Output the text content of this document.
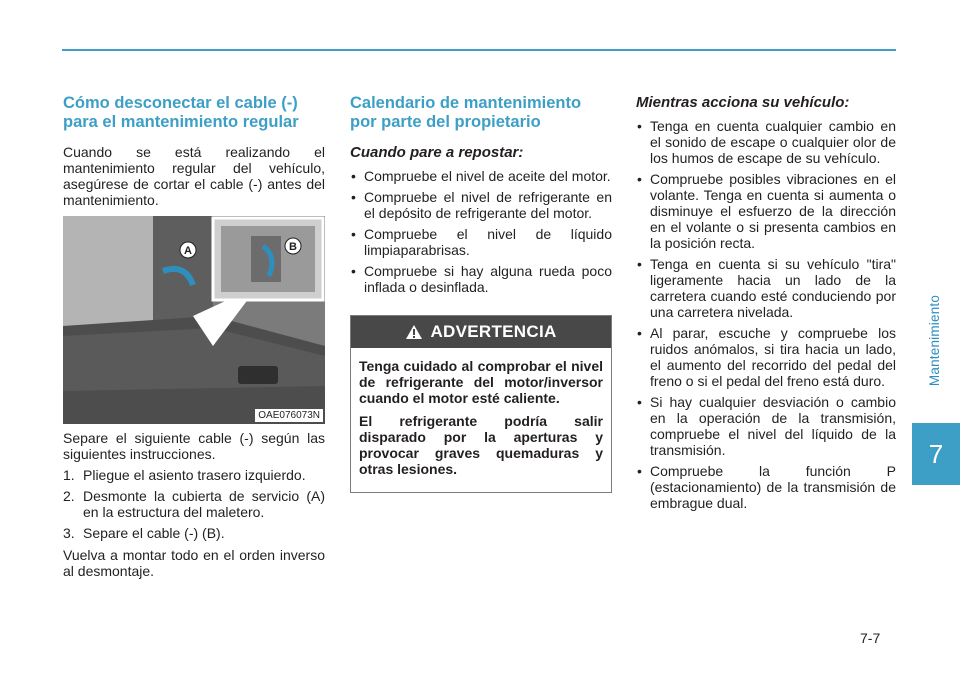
Mantenimiento
7
Cómo desconectar el cable (-) para el mantenimiento regular

Cuando se está realizando el mantenimiento regular del vehículo, asegúrese de cortar el cable (-) antes del mantenimiento.

A	B
OAE076073N

Separe el siguiente cable (-) según las siguientes instrucciones.

1. Pliegue el asiento trasero izquierdo.
2. Desmonte la cubierta de servicio (A) en la estructura del maletero.
3. Separe el cable (-) (B).

Vuelva a montar todo en el orden inverso al desmontaje.

Calendario de mantenimiento por parte del propietario
Cuando pare a repostar:
• Compruebe el nivel de aceite del motor.
• Compruebe el nivel de refrigerante en el depósito de refrigerante del motor.
• Compruebe el nivel de líquido limpiaparabrisas.
• Compruebe si hay alguna rueda poco inflada o desinflada.
ADVERTENCIA

Tenga cuidado al comprobar el nivel de refrigerante del motor/inversor cuando el motor esté caliente.

El refrigerante podría salir disparado por la aperturas y provocar graves quemaduras y otras lesiones.

Mientras acciona su vehículo:
• Tenga en cuenta cualquier cambio en el sonido de escape o cualquier olor de los humos de escape de su vehículo.
• Compruebe posibles vibraciones en el volante. Tenga en cuenta si aumenta o disminuye el esfuerzo de la dirección en el volante o si presenta cambios en la posición recta.
• Tenga en cuenta si su vehículo "tira" ligeramente hacia un lado de la carretera cuando esté conduciendo por una carretera nivelada.
• Al parar, escuche y compruebe los ruidos anómalos, si tira hacia un lado, el aumento del recorrido del pedal del freno o si el pedal del freno está duro.
• Si hay cualquier desviación o cambio en la operación de la transmisión, compruebe el nivel del líquido de la transmisión.
• Compruebe la función P (estacionamiento) de la transmisión de embrague dual.
7-7
